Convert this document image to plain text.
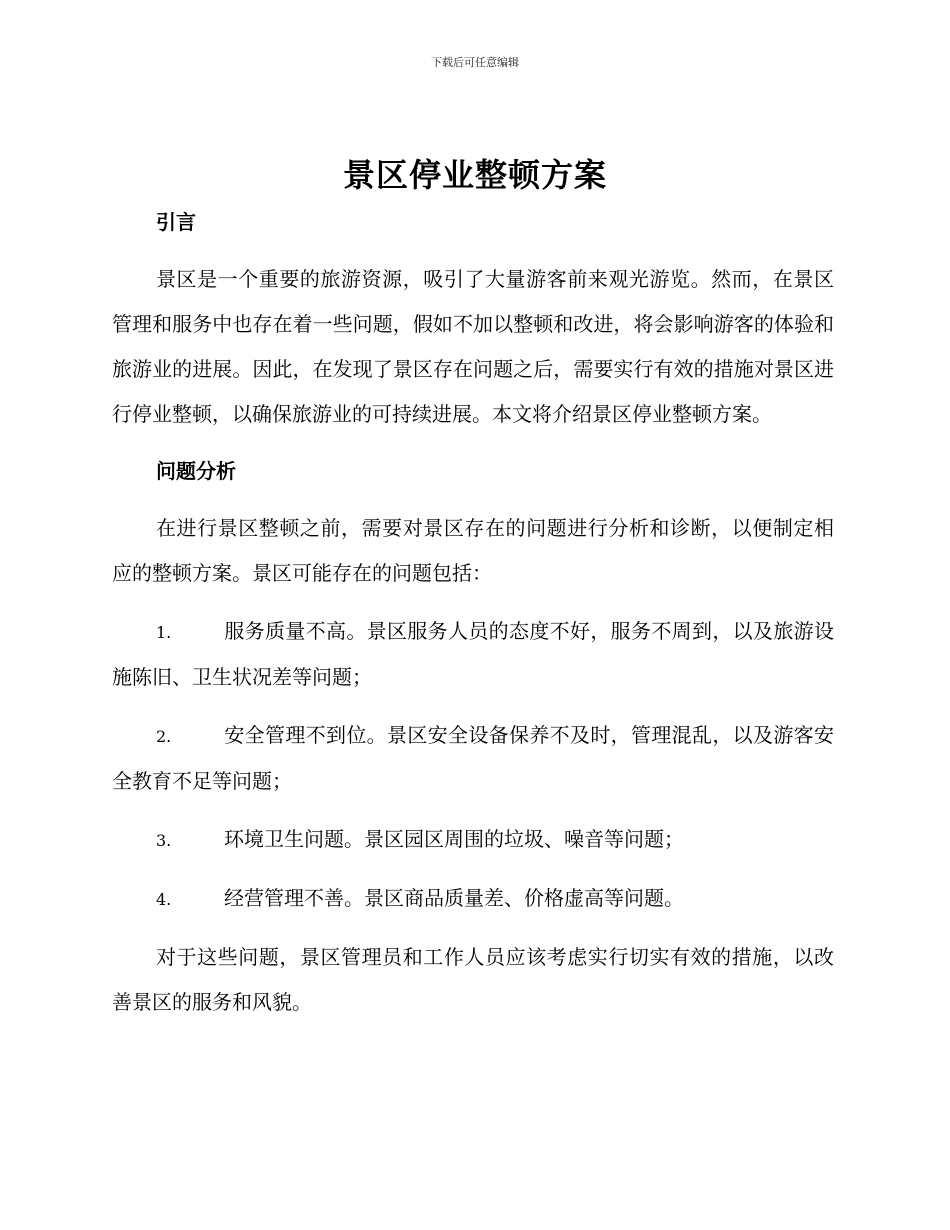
下载后可任意编辑
景区停业整顿方案

引言

景区是一个重要的旅游资源，吸引了大量游客前来观光游览。然而，在景区管理和服务中也存在着一些问题，假如不加以整顿和改进，将会影响游客的体验和旅游业的进展。因此，在发现了景区存在问题之后，需要实行有效的措施对景区进行停业整顿，以确保旅游业的可持续进展。本文将介绍景区停业整顿方案。

问题分析

在进行景区整顿之前，需要对景区存在的问题进行分析和诊断，以便制定相应的整顿方案。景区可能存在的问题包括：

1.	服务质量不高。景区服务人员的态度不好，服务不周到，以及旅游设施陈旧、卫生状况差等问题；

2.	安全管理不到位。景区安全设备保养不及时，管理混乱，以及游客安全教育不足等问题；

3.	环境卫生问题。景区园区周围的垃圾、噪音等问题；

4.	经营管理不善。景区商品质量差、价格虚高等问题。

对于这些问题，景区管理员和工作人员应该考虑实行切实有效的措施，以改善景区的服务和风貌。
